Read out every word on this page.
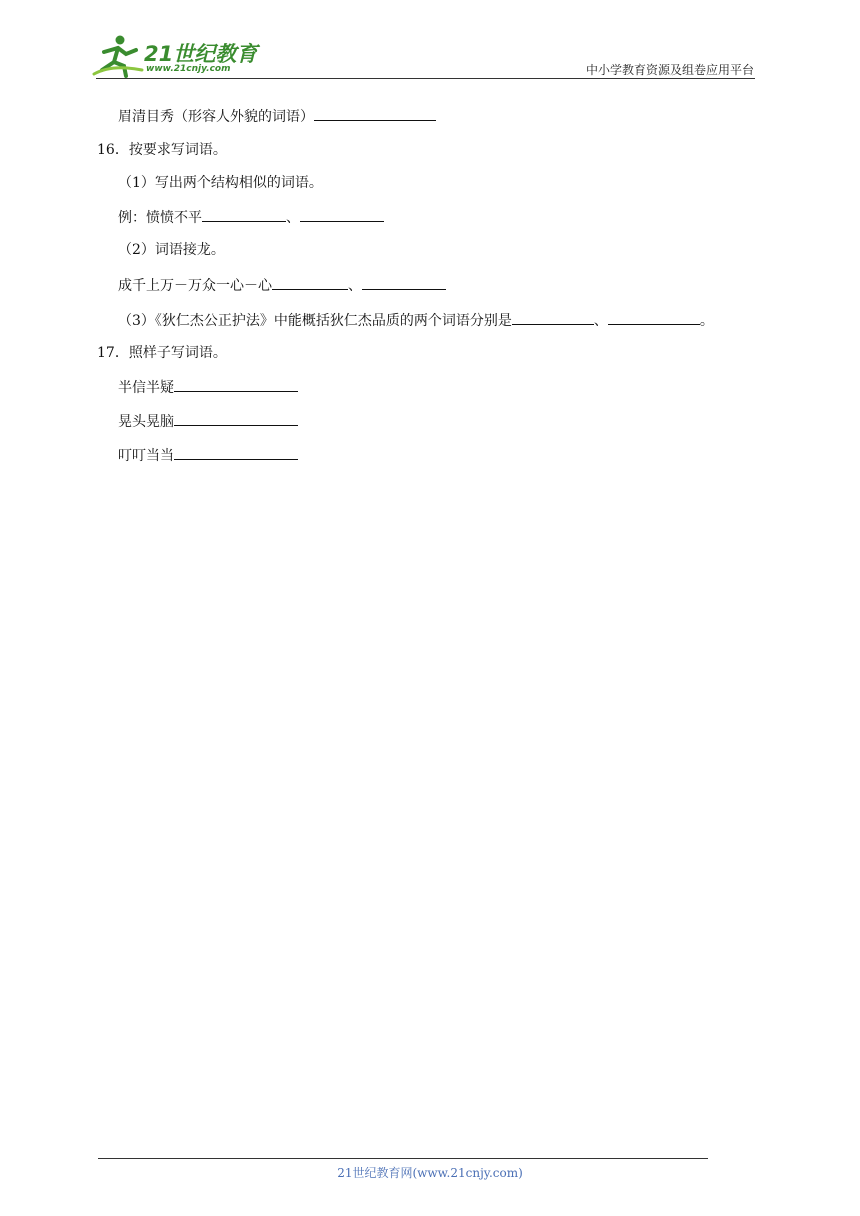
21世纪教育
www.21cnjy.com	中小学教育资源及组卷应用平台
眉清目秀（形容人外貌的词语）
16．按要求写词语。
（1）写出两个结构相似的词语。
例：愤愤不平	、
（2）词语接龙。
成千上万－万众一心－心	、
（3）《狄仁杰公正护法》中能概括狄仁杰品质的两个词语分别是	、	。
17．照样子写词语。
半信半疑
晃头晃脑
叮叮当当
21世纪教育网(www.21cnjy.com)
